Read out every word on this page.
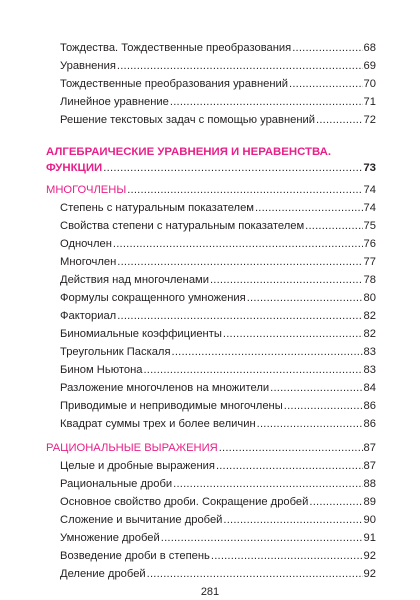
Тождества. Тождественные преобразования .....	68
Уравнения .....	69
Тождественные преобразования уравнений .....	70
Линейное уравнение .....	71
Решение текстовых задач с помощью уравнений .....	72
АЛГЕБРАИЧЕСКИЕ УРАВНЕНИЯ И НЕРАВЕНСТВА.
ФУНКЦИИ .....	73
МНОГОЧЛЕНЫ .....	74
Степень с натуральным показателем .....	74
Свойства степени с натуральным показателем .....	75
Одночлен .....	76
Многочлен .....	77
Действия над многочленами .....	78
Формулы сокращенного умножения .....	80
Факториал .....	82
Биномиальные коэффициенты .....	82
Треугольник Паскаля .....	83
Бином Ньютона .....	83
Разложение многочленов на множители .....	84
Приводимые и неприводимые многочлены .....	86
Квадрат суммы трех и более величин .....	86
РАЦИОНАЛЬНЫЕ ВЫРАЖЕНИЯ .....	87
Целые и дробные выражения .....	87
Рациональные дроби .....	88
Основное свойство дроби. Сокращение дробей .....	89
Сложение и вычитание дробей .....	90
Умножение дробей .....	91
Возведение дроби в степень .....	92
Деление дробей .....	92
281
